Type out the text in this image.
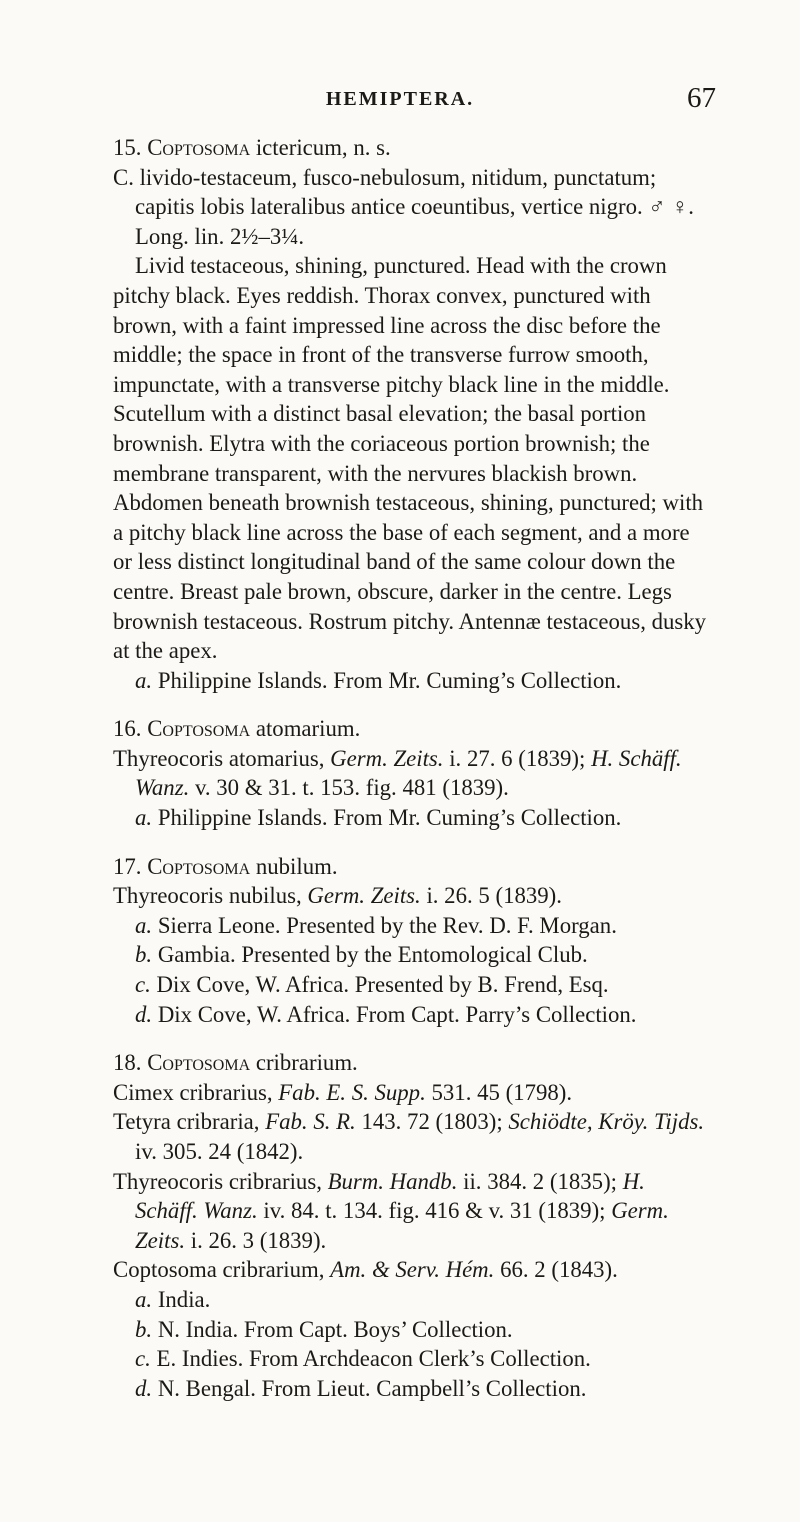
HEMIPTERA.	67

15. Coptosoma ictericum, n. s.

C. livido-testaceum, fusco-nebulosum, nitidum, punctatum; capitis lobis lateralibus antice coeuntibus, vertice nigro. ♂ ♀. Long. lin. 2½–3¼.

Livid testaceous, shining, punctured. Head with the crown pitchy black. Eyes reddish. Thorax convex, punctured with brown, with a faint impressed line across the disc before the middle; the space in front of the transverse furrow smooth, impunctate, with a transverse pitchy black line in the middle. Scutellum with a distinct basal elevation; the basal portion brownish. Elytra with the coriaceous portion brownish; the membrane transparent, with the nervures blackish brown. Abdomen beneath brownish testaceous, shining, punctured; with a pitchy black line across the base of each segment, and a more or less distinct longitudinal band of the same colour down the centre. Breast pale brown, obscure, darker in the centre. Legs brownish testaceous. Rostrum pitchy. Antennæ testaceous, dusky at the apex.

a. Philippine Islands. From Mr. Cuming’s Collection.

16. Coptosoma atomarium.

Thyreocoris atomarius, Germ. Zeits. i. 27. 6 (1839); H. Schäff. Wanz. v. 30 & 31. t. 153. fig. 481 (1839).

a. Philippine Islands. From Mr. Cuming’s Collection.

17. Coptosoma nubilum.

Thyreocoris nubilus, Germ. Zeits. i. 26. 5 (1839).

a. Sierra Leone. Presented by the Rev. D. F. Morgan.

b. Gambia. Presented by the Entomological Club.

c. Dix Cove, W. Africa. Presented by B. Frend, Esq.

d. Dix Cove, W. Africa. From Capt. Parry’s Collection.

18. Coptosoma cribrarium.

Cimex cribrarius, Fab. E. S. Supp. 531. 45 (1798).

Tetyra cribraria, Fab. S. R. 143. 72 (1803); Schiödte, Kröy. Tijds. iv. 305. 24 (1842).

Thyreocoris cribrarius, Burm. Handb. ii. 384. 2 (1835); H. Schäff. Wanz. iv. 84. t. 134. fig. 416 & v. 31 (1839); Germ. Zeits. i. 26. 3 (1839).

Coptosoma cribrarium, Am. & Serv. Hém. 66. 2 (1843).

a. India.

b. N. India. From Capt. Boys’ Collection.

c. E. Indies. From Archdeacon Clerk’s Collection.

d. N. Bengal. From Lieut. Campbell’s Collection.
